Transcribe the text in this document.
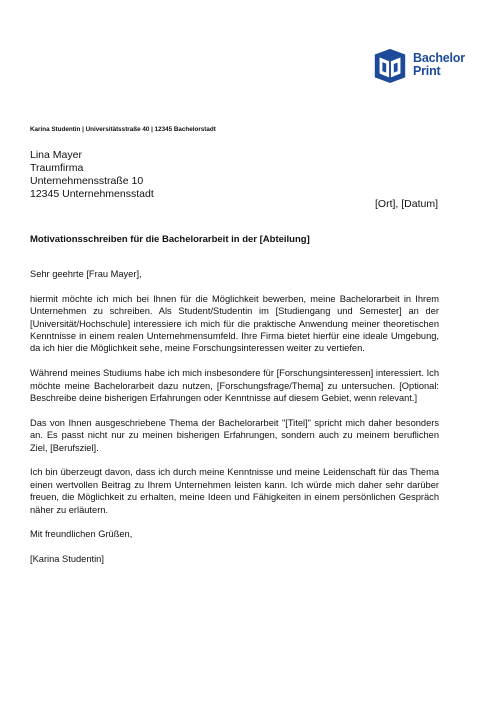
Bachelor
Print
Karina Studentin | Universitätsstraße 40 | 12345 Bachelorstadt
Lina Mayer
Traumfirma
Unternehmensstraße 10
12345 Unternehmensstadt
[Ort], [Datum]
Motivationsschreiben für die Bachelorarbeit in der [Abteilung]

Sehr geehrte [Frau Mayer],

hiermit möchte ich mich bei Ihnen für die Möglichkeit bewerben, meine Bachelorarbeit in Ihrem Unternehmen zu schreiben. Als Student/Studentin im [Studiengang und Semester] an der [Universität/Hochschule] interessiere ich mich für die praktische Anwendung meiner theoretischen Kenntnisse in einem realen Unternehmensumfeld. Ihre Firma bietet hierfür eine ideale Umgebung, da ich hier die Möglichkeit sehe, meine Forschungsinteressen weiter zu vertiefen.

Während meines Studiums habe ich mich insbesondere für [Forschungsinteressen] interessiert. Ich möchte meine Bachelorarbeit dazu nutzen, [Forschungsfrage/Thema] zu untersuchen. [Optional: Beschreibe deine bisherigen Erfahrungen oder Kenntnisse auf diesem Gebiet, wenn relevant.]

Das von Ihnen ausgeschriebene Thema der Bachelorarbeit "[Titel]" spricht mich daher besonders an. Es passt nicht nur zu meinen bisherigen Erfahrungen, sondern auch zu meinem beruflichen Ziel, [Berufsziel].

Ich bin überzeugt davon, dass ich durch meine Kenntnisse und meine Leidenschaft für das Thema einen wertvollen Beitrag zu Ihrem Unternehmen leisten kann. Ich würde mich daher sehr darüber freuen, die Möglichkeit zu erhalten, meine Ideen und Fähigkeiten in einem persönlichen Gespräch näher zu erläutern.

Mit freundlichen Grüßen,

[Karina Studentin]
